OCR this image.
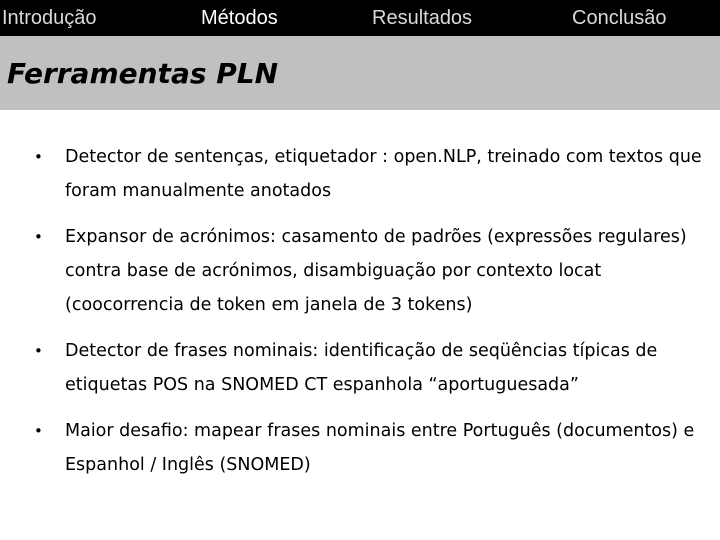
Introdução	Métodos	Resultados	Conclusão
Ferramentas PLN
•	Detector de sentenças, etiquetador : open.NLP, treinado com textos que foram manualmente anotados
•	Expansor de acrónimos: casamento de padrões (expressões regulares) contra base de acrónimos, disambiguação por contexto locat (coocorrencia de token em janela de 3 tokens)
•	Detector de frases nominais: identificação de seqüências típicas de etiquetas POS na SNOMED CT espanhola “aportuguesada”
•	Maior desafio: mapear frases nominais entre Português (documentos) e Espanhol / Inglês (SNOMED)
